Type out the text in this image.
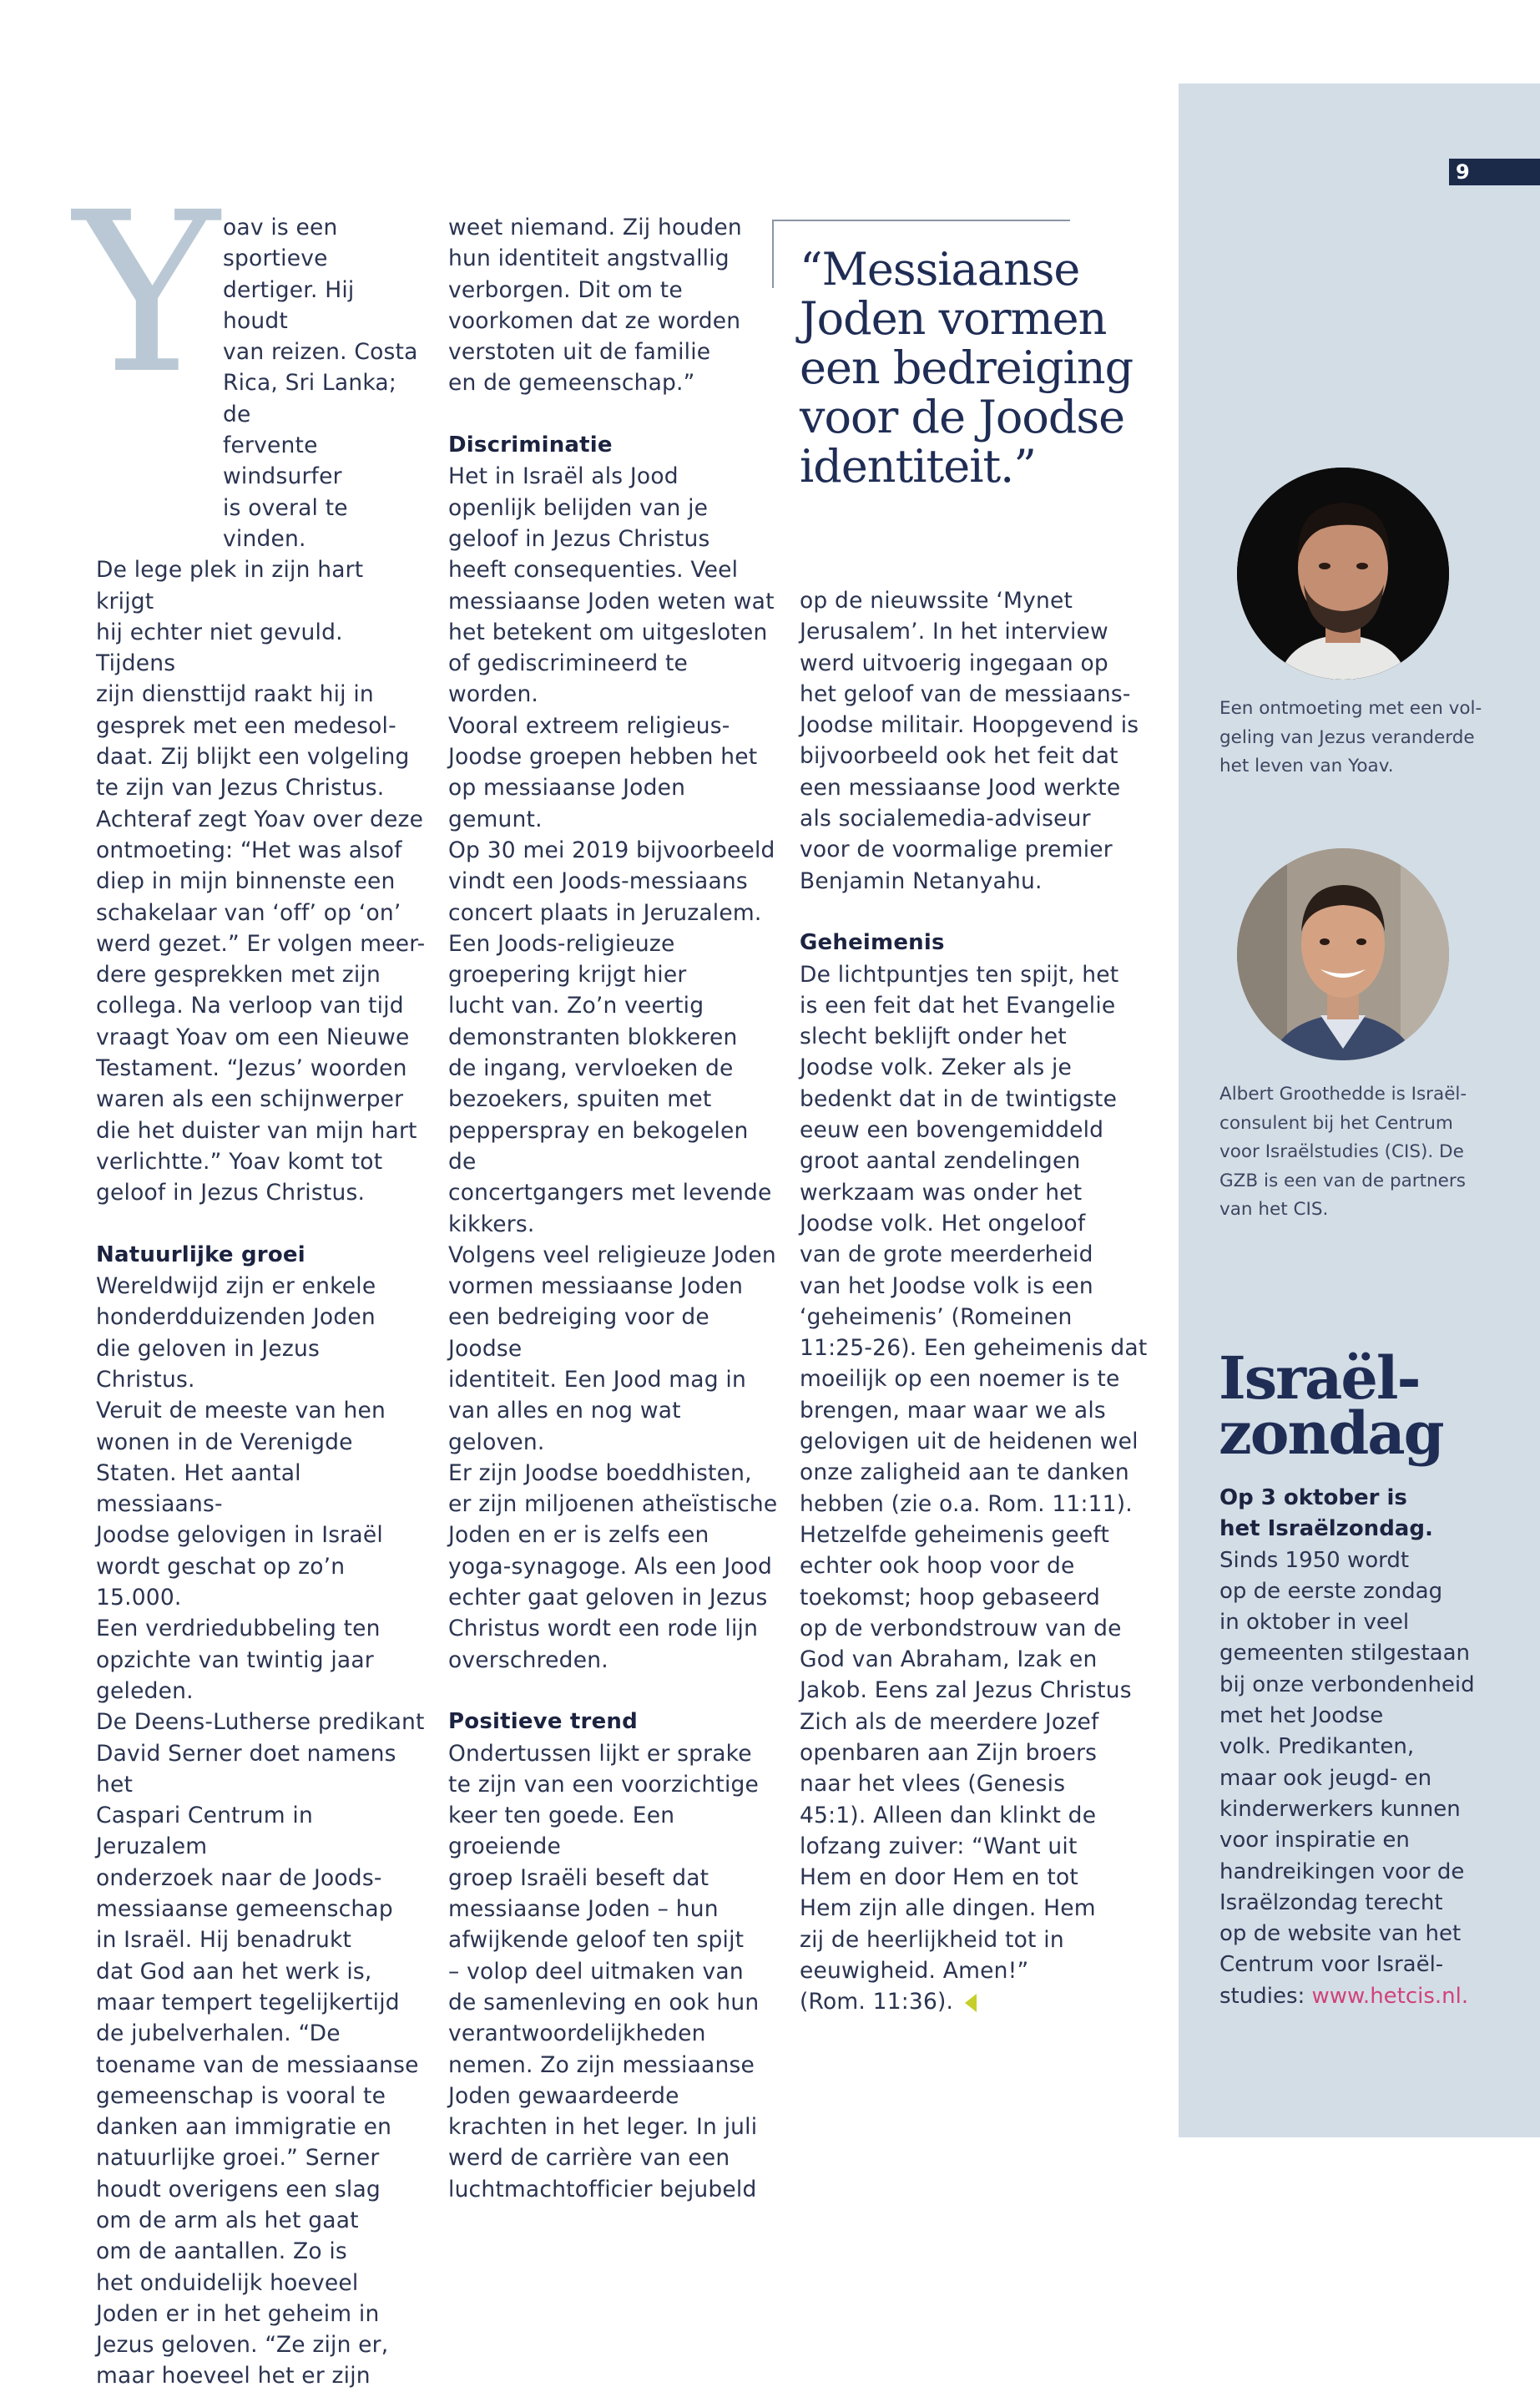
9
Y oav is een sportieve

dertiger. Hij houdt

van reizen. Costa

Rica, Sri Lanka; de

fervente windsurfer

is overal te vinden.

De lege plek in zijn hart krijgt

hij echter niet gevuld. Tijdens

zijn diensttijd raakt hij in

gesprek met een medesol-

daat. Zij blijkt een volgeling

te zijn van Jezus Christus.

Achteraf zegt Yoav over deze

ontmoeting: “Het was alsof

diep in mijn binnenste een

schakelaar van ‘off’ op ‘on’

werd gezet.” Er volgen meer-

dere gesprekken met zijn

collega. Na verloop van tijd

vraagt Yoav om een Nieuwe

Testament. “Jezus’ woorden

waren als een schijnwerper

die het duister van mijn hart

verlichtte.” Yoav komt tot

geloof in Jezus Christus.

Natuurlijke groei

Wereldwijd zijn er enkele

honderdduizenden Joden

die geloven in Jezus Christus.

Veruit de meeste van hen

wonen in de Verenigde

Staten. Het aantal messiaans-

Joodse gelovigen in Israël

wordt geschat op zo’n 15.000.

Een verdriedubbeling ten

opzichte van twintig jaar

geleden.

De Deens-Lutherse predikant

David Serner doet namens het

Caspari Centrum in Jeruzalem

onderzoek naar de Joods-

messiaanse gemeenschap

in Israël. Hij benadrukt

dat God aan het werk is,

maar tempert tegelijkertijd

de jubelverhalen. “De

toename van de messiaanse

gemeenschap is vooral te

danken aan immigratie en

natuurlijke groei.” Serner

houdt overigens een slag

om de arm als het gaat

om de aantallen. Zo is

het onduidelijk hoeveel

Joden er in het geheim in

Jezus geloven. “Ze zijn er,

maar hoeveel het er zijn

weet niemand. Zij houden

hun identiteit angstvallig

verborgen. Dit om te

voorkomen dat ze worden

verstoten uit de familie

en de gemeenschap.”

Discriminatie

Het in Israël als Jood

openlijk belijden van je

geloof in Jezus Christus

heeft consequenties. Veel

messiaanse Joden weten wat

het betekent om uitgesloten

of gediscrimineerd te worden.

Vooral extreem religieus-

Joodse groepen hebben het

op messiaanse Joden gemunt.

Op 30 mei 2019 bijvoorbeeld

vindt een Joods-messiaans

concert plaats in Jeruzalem.

Een Joods-religieuze

groepering krijgt hier

lucht van. Zo’n veertig

demonstranten blokkeren

de ingang, vervloeken de

bezoekers, spuiten met

pepperspray en bekogelen de

concertgangers met levende

kikkers.

Volgens veel religieuze Joden

vormen messiaanse Joden

een bedreiging voor de Joodse

identiteit. Een Jood mag in

van alles en nog wat geloven.

Er zijn Joodse boeddhisten,

er zijn miljoenen atheïstische

Joden en er is zelfs een

yoga-synagoge. Als een Jood

echter gaat geloven in Jezus

Christus wordt een rode lijn

overschreden.

Positieve trend

Ondertussen lijkt er sprake

te zijn van een voorzichtige

keer ten goede. Een groeiende

groep Israëli beseft dat

messiaanse Joden – hun

afwijkende geloof ten spijt

– volop deel uitmaken van

de samenleving en ook hun

verantwoordelijkheden

nemen. Zo zijn messiaanse

Joden gewaardeerde

krachten in het leger. In juli

werd de carrière van een

luchtmachtofficier bejubeld

“Messiaanse Joden vormen een bedreiging voor de Joodse identiteit.”

op de nieuwssite ‘Mynet

Jerusalem’. In het interview

werd uitvoerig ingegaan op

het geloof van de messiaans-

Joodse militair. Hoopgevend is

bijvoorbeeld ook het feit dat

een messiaanse Jood werkte

als socialemedia-adviseur

voor de voormalige premier

Benjamin Netanyahu.

Geheimenis

De lichtpuntjes ten spijt, het

is een feit dat het Evangelie

slecht beklijft onder het

Joodse volk. Zeker als je

bedenkt dat in de twintigste

eeuw een bovengemiddeld

groot aantal zendelingen

werkzaam was onder het

Joodse volk. Het ongeloof

van de grote meerderheid

van het Joodse volk is een

‘geheimenis’ (Romeinen

11:25-26). Een geheimenis dat

moeilijk op een noemer is te

brengen, maar waar we als

gelovigen uit de heidenen wel

onze zaligheid aan te danken

hebben (zie o.a. Rom. 11:11).

Hetzelfde geheimenis geeft

echter ook hoop voor de

toekomst; hoop gebaseerd

op de verbondstrouw van de

God van Abraham, Izak en

Jakob. Eens zal Jezus Christus

Zich als de meerdere Jozef

openbaren aan Zijn broers

naar het vlees (Genesis

45:1). Alleen dan klinkt de

lofzang zuiver: “Want uit

Hem en door Hem en tot

Hem zijn alle dingen. Hem

zij de heerlijkheid tot in

eeuwigheid. Amen!”

(Rom. 11:36).

Een ontmoeting met een vol-
geling van Jezus veranderde
het leven van Yoav.
Albert Groothedde is Israël-
consulent bij het Centrum
voor Israëlstudies (CIS). De
GZB is een van de partners
van het CIS.
Israël-
zondag
Op 3 oktober is
het Israëlzondag.
Sinds 1950 wordt
op de eerste zondag
in oktober in veel
gemeenten stilgestaan
bij onze verbondenheid
met het Joodse
volk. Predikanten,
maar ook jeugd- en
kinderwerkers kunnen
voor inspiratie en
handreikingen voor de
Israëlzondag terecht
op de website van het
Centrum voor Israël-
studies: www.hetcis.nl.
